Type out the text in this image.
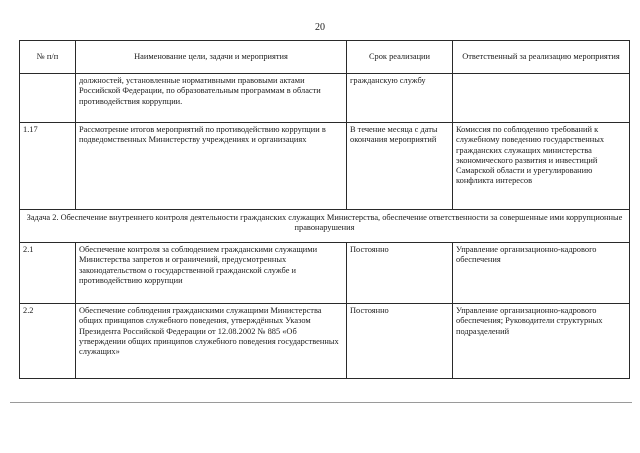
20
№ п/п	Наименование цели, задачи и мероприятия	Срок реализации	Ответственный за реализацию мероприятия
	должностей, установленные нормативными правовыми актами Российской Федерации, по образовательным программам в области противодействия коррупции.	гражданскую службу	
1.17	Рассмотрение итогов мероприятий по противодействию коррупции в подведомственных Министерству учреждениях и организациях	В течение месяца с даты окончания мероприятий	Комиссия по соблюдению требований к служебному поведению государственных гражданских служащих министерства экономического развития и инвестиций Самарской области и урегулированию конфликта интересов
Задача 2. Обеспечение внутреннего контроля деятельности гражданских служащих Министерства, обеспечение ответственности за совершенные ими коррупционные правонарушения			
2.1	Обеспечение контроля за соблюдением гражданскими служащими Министерства запретов и ограничений, предусмотренных законодательством о государственной гражданской службе и противодействию коррупции	Постоянно	Управление организационно-кадрового обеспечения
2.2	Обеспечение соблюдения гражданскими служащими Министерства общих принципов служебного поведения, утверждённых Указом Президента Российской Федерации от 12.08.2002 № 885 «Об утверждении общих принципов служебного поведения государственных служащих»	Постоянно	Управление организационно-кадрового обеспечения; Руководители структурных подразделений
